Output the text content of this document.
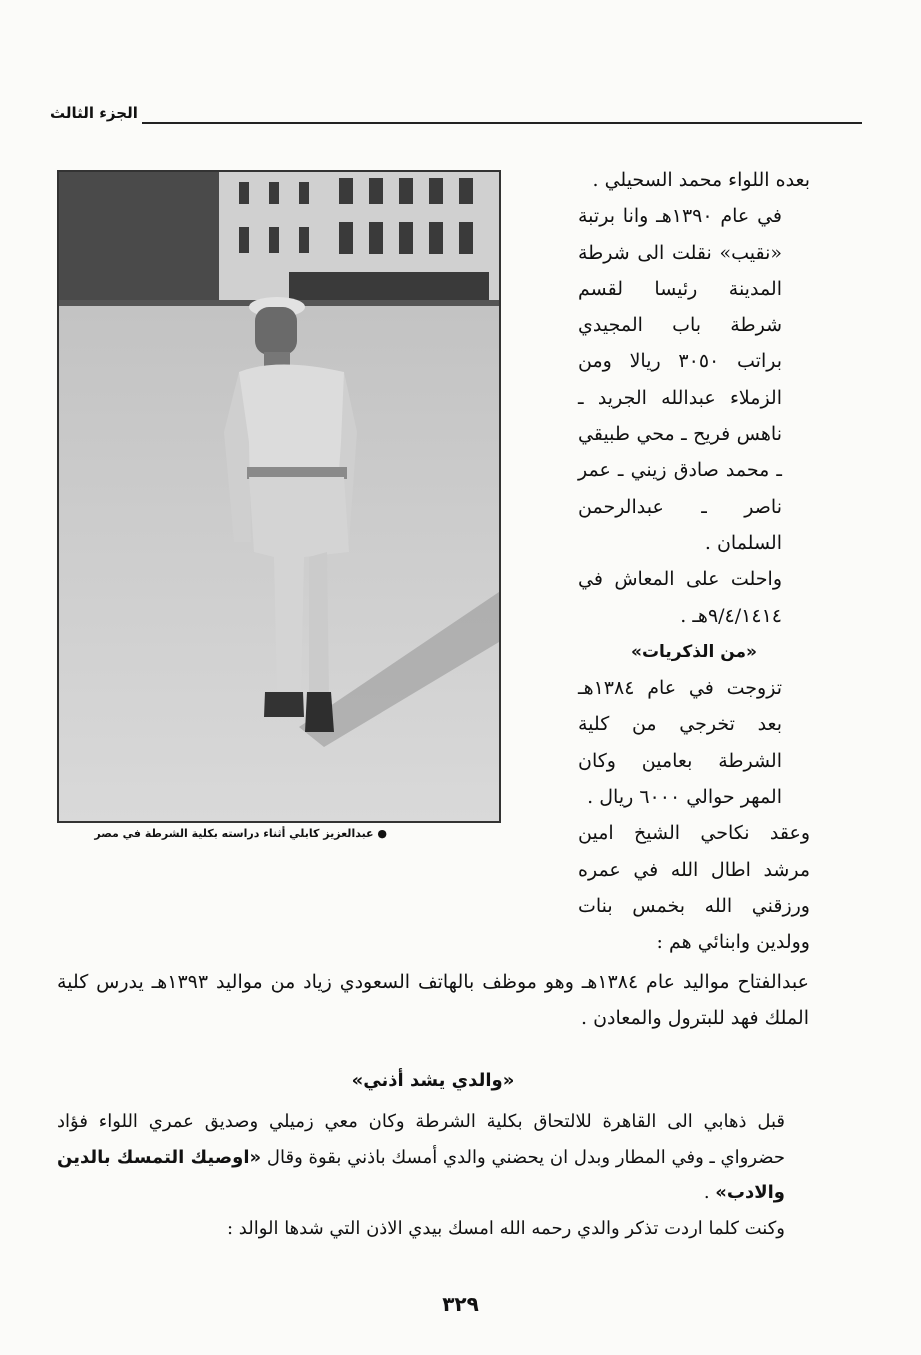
الجزء الثالث
● عبدالعزيز كابلي أثناء دراسته بكلية الشرطة في مصر

بعده اللواء محمد السحيلي .

في عام ١٣٩٠هـ وانا برتبة «نقيب» نقلت الى شرطة المدينة رئيسا لقسم شرطة باب المجيدي براتب ٣٠٥٠ ريالا ومن الزملاء عبدالله الجريد ـ ناهس فريح ـ محي طبيقي ـ محمد صادق زيني ـ عمر ناصر ـ عبدالرحمن السلمان .

واحلت على المعاش في ٩/٤/١٤١٤هـ .

«من الذكريات»

تزوجت في عام ١٣٨٤هـ بعد تخرجي من كلية الشرطة بعامين وكان المهر حوالي ٦٠٠٠ ريال .

وعقد نكاحي الشيخ امين مرشد اطال الله في عمره ورزقني الله بخمس بنات وولدين وابنائي هم :

عبدالفتاح مواليد عام ١٣٨٤هـ وهو موظف بالهاتف السعودي زياد من مواليد ١٣٩٣هـ يدرس كلية الملك فهد للبترول والمعادن .

«والدي يشد أذني»

قبل ذهابي الى القاهرة للالتحاق بكلية الشرطة وكان معي زميلي وصديق عمري اللواء فؤاد حضرواي ـ وفي المطار وبدل ان يحضني والدي أمسك باذني بقوة وقال «اوصيك التمسك بالدين والادب» .

وكنت كلما اردت تذكر والدي رحمه الله امسك بيدي الاذن التي شدها الوالد :

٣٢٩
